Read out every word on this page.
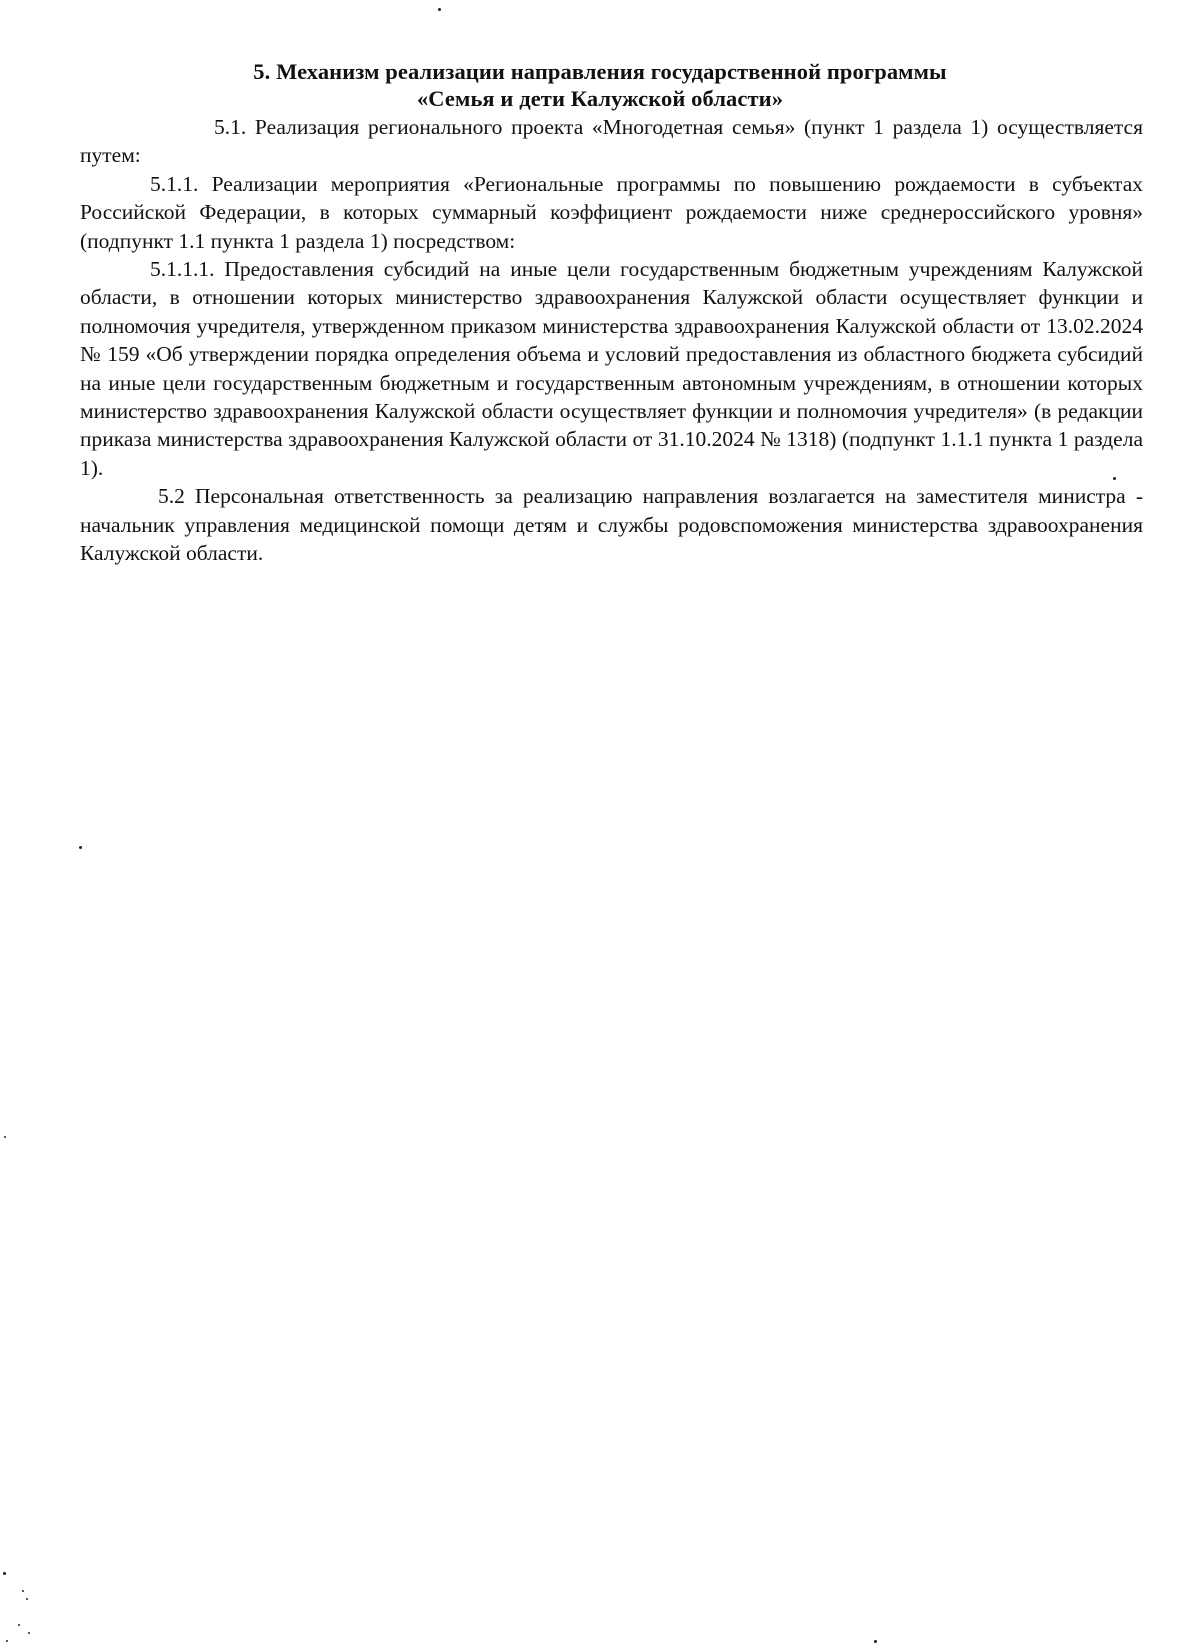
5. Механизм реализации направления государственной программы
«Семья и дети Калужской области»

5.1. Реализация регионального проекта «Многодетная семья» (пункт 1 раздела 1) осуществляется путем:

5.1.1. Реализации мероприятия «Региональные программы по повышению рождаемости в субъектах Российской Федерации, в которых суммарный коэффициент рождаемости ниже среднероссийского уровня» (подпункт 1.1 пункта 1 раздела 1) посредством:

5.1.1.1. Предоставления субсидий на иные цели государственным бюджетным учреждениям Калужской области, в отношении которых министерство здравоохранения Калужской области осуществляет функции и полномочия учредителя, утвержденном приказом министерства здравоохранения Калужской области от 13.02.2024 № 159 «Об утверждении порядка определения объема и условий предоставления из областного бюджета субсидий на иные цели государственным бюджетным и государственным автономным учреждениям, в отношении которых министерство здравоохранения Калужской области осуществляет функции и полномочия учредителя» (в редакции приказа министерства здравоохранения Калужской области от 31.10.2024 № 1318) (подпункт 1.1.1 пункта 1 раздела 1).

5.2 Персональная ответственность за реализацию направления возлагается на заместителя министра - начальник управления медицинской помощи детям и службы родовспоможения министерства здравоохранения Калужской области.
